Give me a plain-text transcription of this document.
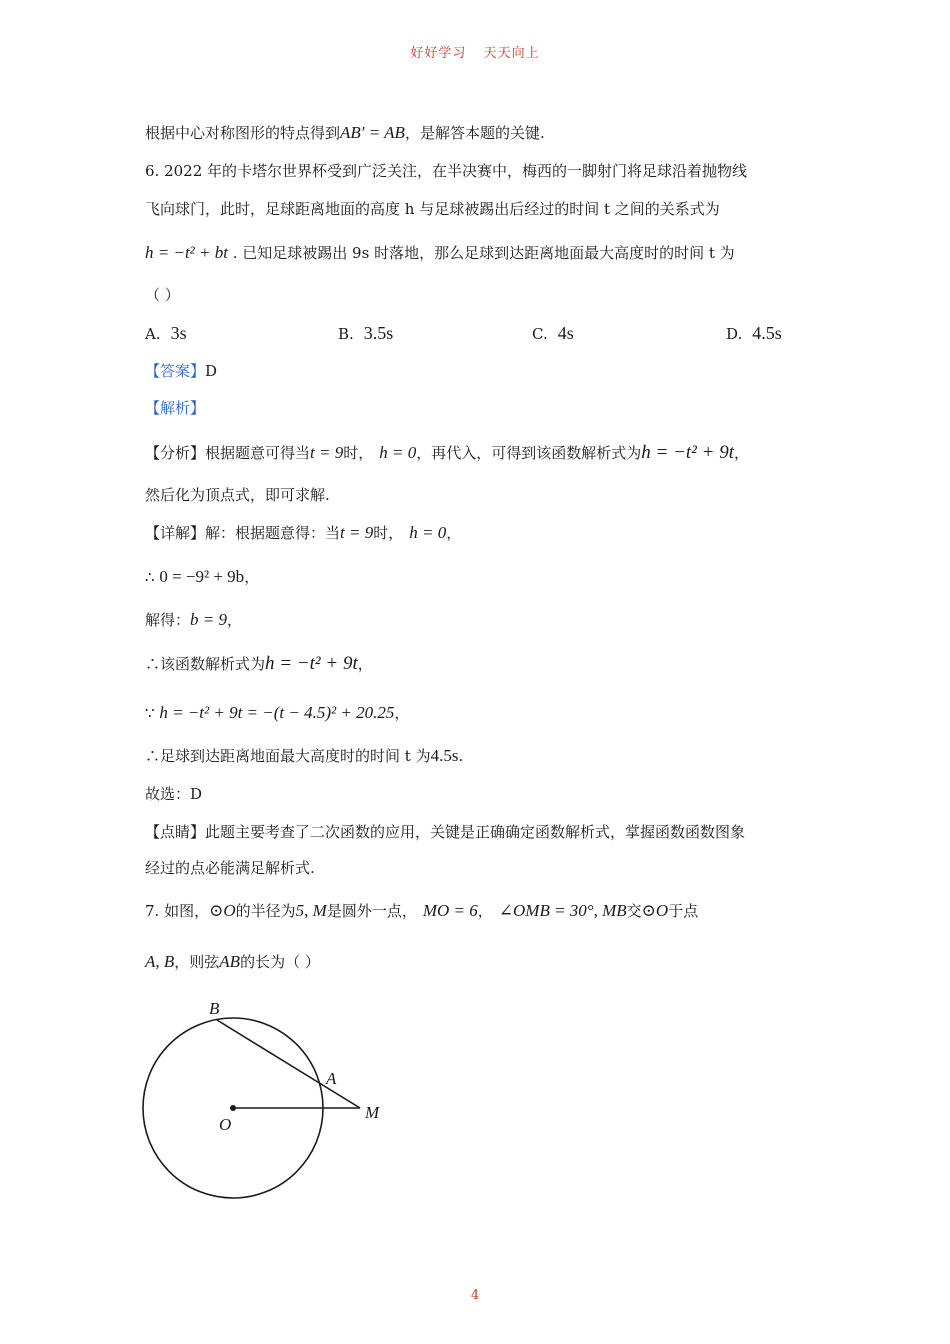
好好学习 天天向上
根据中心对称图形的特点得到AB′ = AB，是解答本题的关键.
6. 2022 年的卡塔尔世界杯受到广泛关注，在半决赛中，梅西的一脚射门将足球沿着抛物线
飞向球门，此时，足球距离地面的高度 h 与足球被踢出后经过的时间 t 之间的关系式为
h = −t² + bt . 已知足球被踢出 9s 时落地，那么足球到达距离地面最大高度时的时间 t 为
（ ）
A. 3s	B. 3.5s	C. 4s	D. 4.5s
【答案】D
【解析】
【分析】根据题意可得当t = 9时， h = 0，再代入，可得到该函数解析式为h = −t² + 9t，
然后化为顶点式，即可求解.
【详解】解：根据题意得：当t = 9时， h = 0，
∴ 0 = −9² + 9b，
解得：b = 9，
∴该函数解析式为h = −t² + 9t，
∵ h = −t² + 9t = −(t − 4.5)² + 20.25，
∴足球到达距离地面最大高度时的时间 t 为4.5s.
故选：D
【点睛】此题主要考查了二次函数的应用，关键是正确确定函数解析式，掌握函数函数图象
经过的点必能满足解析式.
7. 如图，⊙O的半径为5, M是圆外一点， MO = 6， ∠OMB = 30°, MB交⊙O于点
A, B，则弦AB的长为（ ）
B
A
O
M
4
